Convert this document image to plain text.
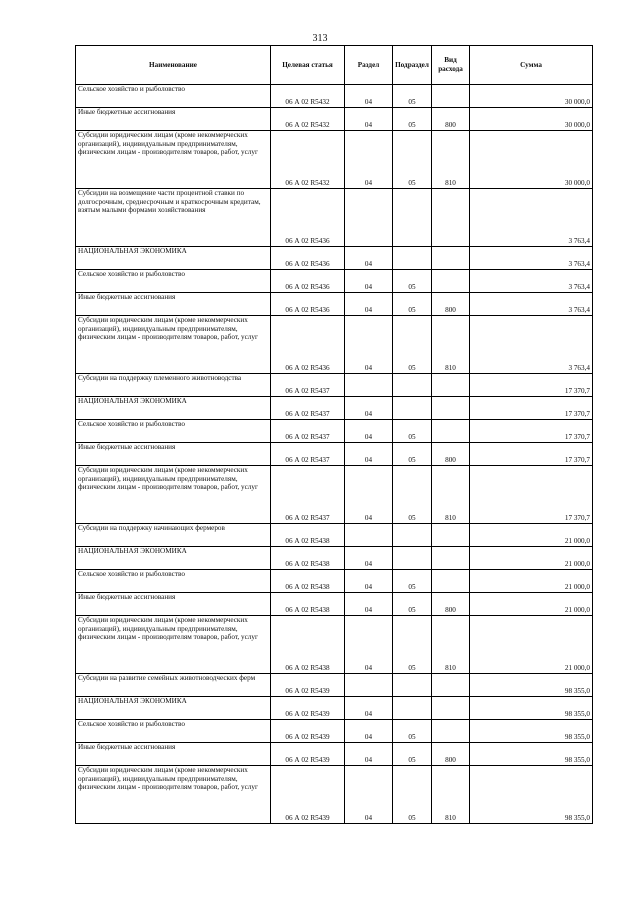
313
Наименование	Целевая статья	Раздел	Подраздел	Вид расхода	Сумма

Сельское хозяйство и рыболовство	06 А 02 R5432	04	05		30 000,0

Иные бюджетные ассигнования	06 А 02 R5432	04	05	800	30 000,0

Субсидии юридическим лицам (кроме некоммерческих организаций), индивидуальным предпринимателям, физическим лицам - производителям товаров, работ, услуг	06 А 02 R5432	04	05	810	30 000,0

Субсидии на возмещение части процентной ставки по долгосрочным, среднесрочным и краткосрочным кредитам, взятым малыми формами хозяйствования	06 А 02 R5436				3 763,4

НАЦИОНАЛЬНАЯ ЭКОНОМИКА	06 А 02 R5436	04			3 763,4

Сельское хозяйство и рыболовство	06 А 02 R5436	04	05		3 763,4

Иные бюджетные ассигнования	06 А 02 R5436	04	05	800	3 763,4

Субсидии юридическим лицам (кроме некоммерческих организаций), индивидуальным предпринимателям, физическим лицам - производителям товаров, работ, услуг	06 А 02 R5436	04	05	810	3 763,4

Субсидии на поддержку племенного животноводства	06 А 02 R5437				17 370,7

НАЦИОНАЛЬНАЯ ЭКОНОМИКА	06 А 02 R5437	04			17 370,7

Сельское хозяйство и рыболовство	06 А 02 R5437	04	05		17 370,7

Иные бюджетные ассигнования	06 А 02 R5437	04	05	800	17 370,7

Субсидии юридическим лицам (кроме некоммерческих организаций), индивидуальным предпринимателям, физическим лицам - производителям товаров, работ, услуг	06 А 02 R5437	04	05	810	17 370,7

Субсидии на поддержку начинающих фермеров	06 А 02 R5438				21 000,0

НАЦИОНАЛЬНАЯ ЭКОНОМИКА	06 А 02 R5438	04			21 000,0

Сельское хозяйство и рыболовство	06 А 02 R5438	04	05		21 000,0

Иные бюджетные ассигнования	06 А 02 R5438	04	05	800	21 000,0

Субсидии юридическим лицам (кроме некоммерческих организаций), индивидуальным предпринимателям, физическим лицам - производителям товаров, работ, услуг	06 А 02 R5438	04	05	810	21 000,0

Субсидии на развитие семейных животноводческих ферм	06 А 02 R5439				98 355,0

НАЦИОНАЛЬНАЯ ЭКОНОМИКА	06 А 02 R5439	04			98 355,0

Сельское хозяйство и рыболовство	06 А 02 R5439	04	05		98 355,0

Иные бюджетные ассигнования	06 А 02 R5439	04	05	800	98 355,0

Субсидии юридическим лицам (кроме некоммерческих организаций), индивидуальным предпринимателям, физическим лицам - производителям товаров, работ, услуг	06 А 02 R5439	04	05	810	98 355,0
